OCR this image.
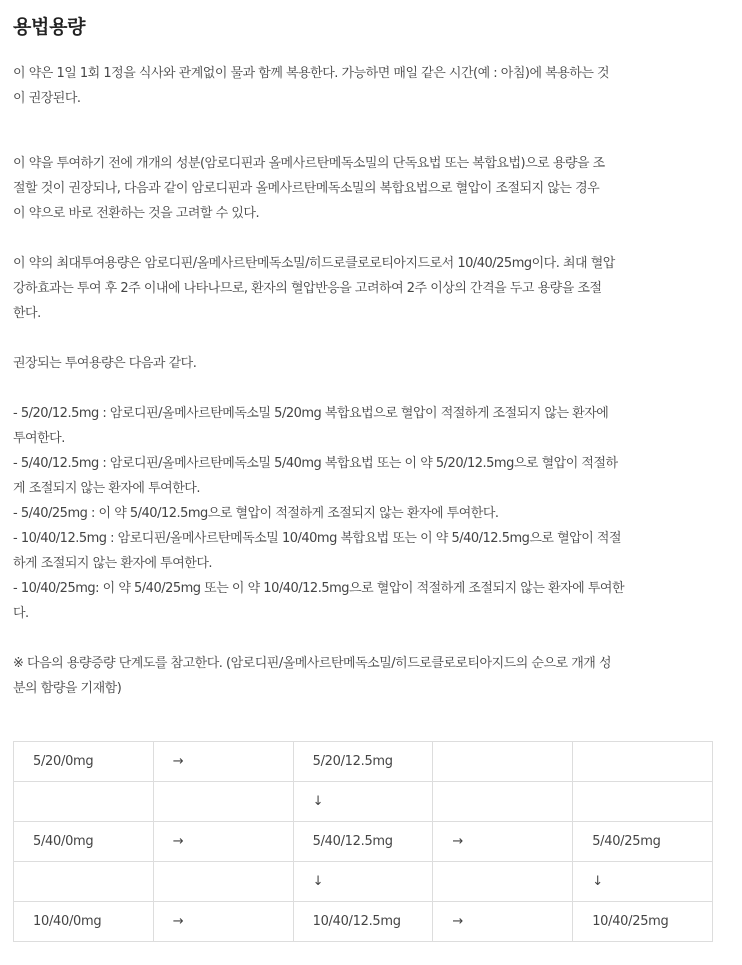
용법용량
이 약은 1일 1회 1정을 식사와 관계없이 물과 함께 복용한다. 가능하면 매일 같은 시간(예 : 아침)에 복용하는 것
이 권장된다.
이 약을 투여하기 전에 개개의 성분(암로디핀과 올메사르탄메독소밀의 단독요법 또는 복합요법)으로 용량을 조
절할 것이 권장되나, 다음과 같이 암로디핀과 올메사르탄메독소밀의 복합요법으로 혈압이 조절되지 않는 경우
이 약으로 바로 전환하는 것을 고려할 수 있다.
이 약의 최대투여용량은 암로디핀/올메사르탄메독소밀/히드로클로로티아지드로서 10/40/25mg이다. 최대 혈압
강하효과는 투여 후 2주 이내에 나타나므로, 환자의 혈압반응을 고려하여 2주 이상의 간격을 두고 용량을 조절
한다.
권장되는 투여용량은 다음과 같다.
- 5/20/12.5mg : 암로디핀/올메사르탄메독소밀 5/20mg 복합요법으로 혈압이 적절하게 조절되지 않는 환자에
투여한다.
- 5/40/12.5mg : 암로디핀/올메사르탄메독소밀 5/40mg 복합요법 또는 이 약 5/20/12.5mg으로 혈압이 적절하
게 조절되지 않는 환자에 투여한다.
- 5/40/25mg : 이 약 5/40/12.5mg으로 혈압이 적절하게 조절되지 않는 환자에 투여한다.
- 10/40/12.5mg : 암로디핀/올메사르탄메독소밀 10/40mg 복합요법 또는 이 약 5/40/12.5mg으로 혈압이 적절
하게 조절되지 않는 환자에 투여한다.
- 10/40/25mg: 이 약 5/40/25mg 또는 이 약 10/40/12.5mg으로 혈압이 적절하게 조절되지 않는 환자에 투여한
다.
※ 다음의 용량증량 단계도를 참고한다. (암로디핀/올메사르탄메독소밀/히드로클로로티아지드의 순으로 개개 성
분의 함량을 기재함)
5/20/0mg	→	5/20/12.5mg		
		↓		
5/40/0mg	→	5/40/12.5mg	→	5/40/25mg
		↓		↓
10/40/0mg	→	10/40/12.5mg	→	10/40/25mg
